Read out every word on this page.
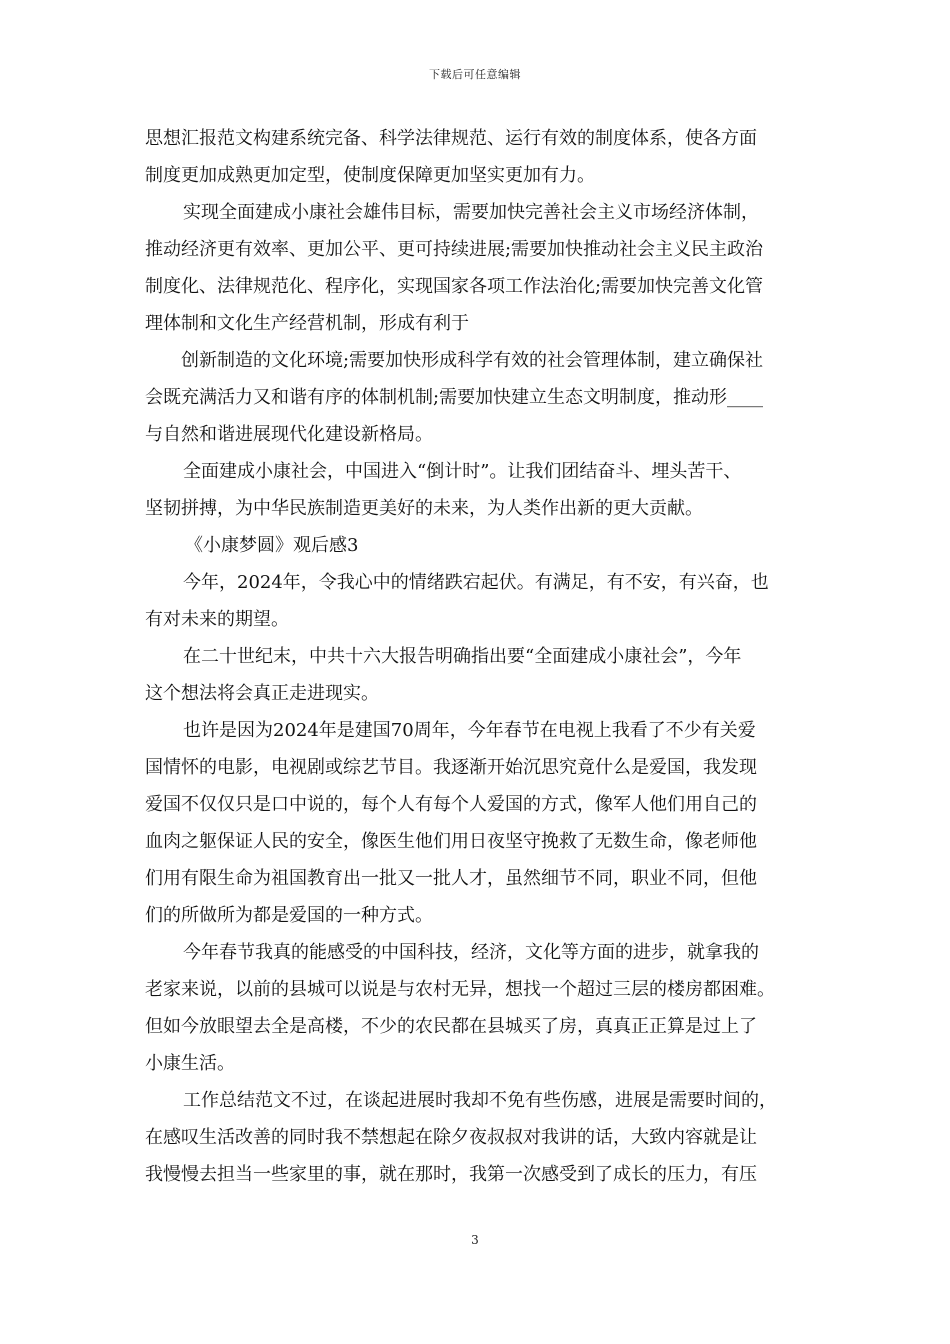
下载后可任意编辑
思想汇报范文构建系统完备、科学法律规范、运行有效的制度体系，使各方面
制度更加成熟更加定型，使制度保障更加坚实更加有力。
实现全面建成小康社会雄伟目标，需要加快完善社会主义市场经济体制，
推动经济更有效率、更加公平、更可持续进展;需要加快推动社会主义民主政治
制度化、法律规范化、程序化，实现国家各项工作法治化;需要加快完善文化管
理体制和文化生产经营机制，形成有利于
创新制造的文化环境;需要加快形成科学有效的社会管理体制，建立确保社
会既充满活力又和谐有序的体制机制;需要加快建立生态文明制度，推动形____
与自然和谐进展现代化建设新格局。
全面建成小康社会，中国进入“倒计时”。让我们团结奋斗、埋头苦干、
坚韧拼搏，为中华民族制造更美好的未来，为人类作出新的更大贡献。
《小康梦圆》观后感3
今年，2024年，令我心中的情绪跌宕起伏。有满足，有不安，有兴奋，也
有对未来的期望。
在二十世纪末，中共十六大报告明确指出要“全面建成小康社会”，今年
这个想法将会真正走进现实。
也许是因为2024年是建国70周年，今年春节在电视上我看了不少有关爱
国情怀的电影，电视剧或综艺节目。我逐渐开始沉思究竟什么是爱国，我发现
爱国不仅仅只是口中说的，每个人有每个人爱国的方式，像军人他们用自己的
血肉之躯保证人民的安全，像医生他们用日夜坚守挽救了无数生命，像老师他
们用有限生命为祖国教育出一批又一批人才，虽然细节不同，职业不同，但他
们的所做所为都是爱国的一种方式。
今年春节我真的能感受的中国科技，经济，文化等方面的进步，就拿我的
老家来说，以前的县城可以说是与农村无异，想找一个超过三层的楼房都困难。
但如今放眼望去全是高楼，不少的农民都在县城买了房，真真正正算是过上了
小康生活。
工作总结范文不过，在谈起进展时我却不免有些伤感，进展是需要时间的，
在感叹生活改善的同时我不禁想起在除夕夜叔叔对我讲的话，大致内容就是让
我慢慢去担当一些家里的事，就在那时，我第一次感受到了成长的压力，有压
3
